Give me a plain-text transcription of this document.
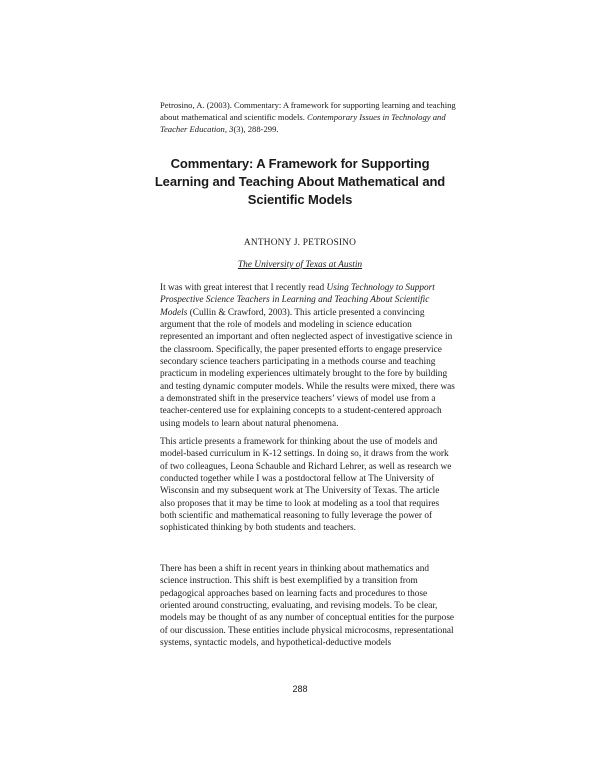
Petrosino, A. (2003). Commentary: A framework for supporting learning and teaching about mathematical and scientific models. Contemporary Issues in Technology and Teacher Education, 3(3), 288-299.
Commentary: A Framework for Supporting Learning and Teaching About Mathematical and Scientific Models
ANTHONY J. PETROSINO
The University of Texas at Austin
It was with great interest that I recently read Using Technology to Support Prospective Science Teachers in Learning and Teaching About Scientific Models (Cullin & Crawford, 2003). This article presented a convincing argument that the role of models and modeling in science education represented an important and often neglected aspect of investigative science in the classroom. Specifically, the paper presented efforts to engage preservice secondary science teachers participating in a methods course and teaching practicum in modeling experiences ultimately brought to the fore by building and testing dynamic computer models. While the results were mixed, there was a demonstrated shift in the preservice teachers’ views of model use from a teacher-centered use for explaining concepts to a student-centered approach using models to learn about natural phenomena.
This article presents a framework for thinking about the use of models and model-based curriculum in K-12 settings. In doing so, it draws from the work of two colleagues, Leona Schauble and Richard Lehrer, as well as research we conducted together while I was a postdoctoral fellow at The University of Wisconsin and my subsequent work at The University of Texas. The article also proposes that it may be time to look at modeling as a tool that requires both scientific and mathematical reasoning to fully leverage the power of sophisticated thinking by both students and teachers.
There has been a shift in recent years in thinking about mathematics and science instruction. This shift is best exemplified by a transition from pedagogical approaches based on learning facts and procedures to those oriented around constructing, evaluating, and revising models. To be clear, models may be thought of as any number of conceptual entities for the purpose of our discussion. These entities include physical microcosms, representational systems, syntactic models, and hypothetical-deductive models
288
